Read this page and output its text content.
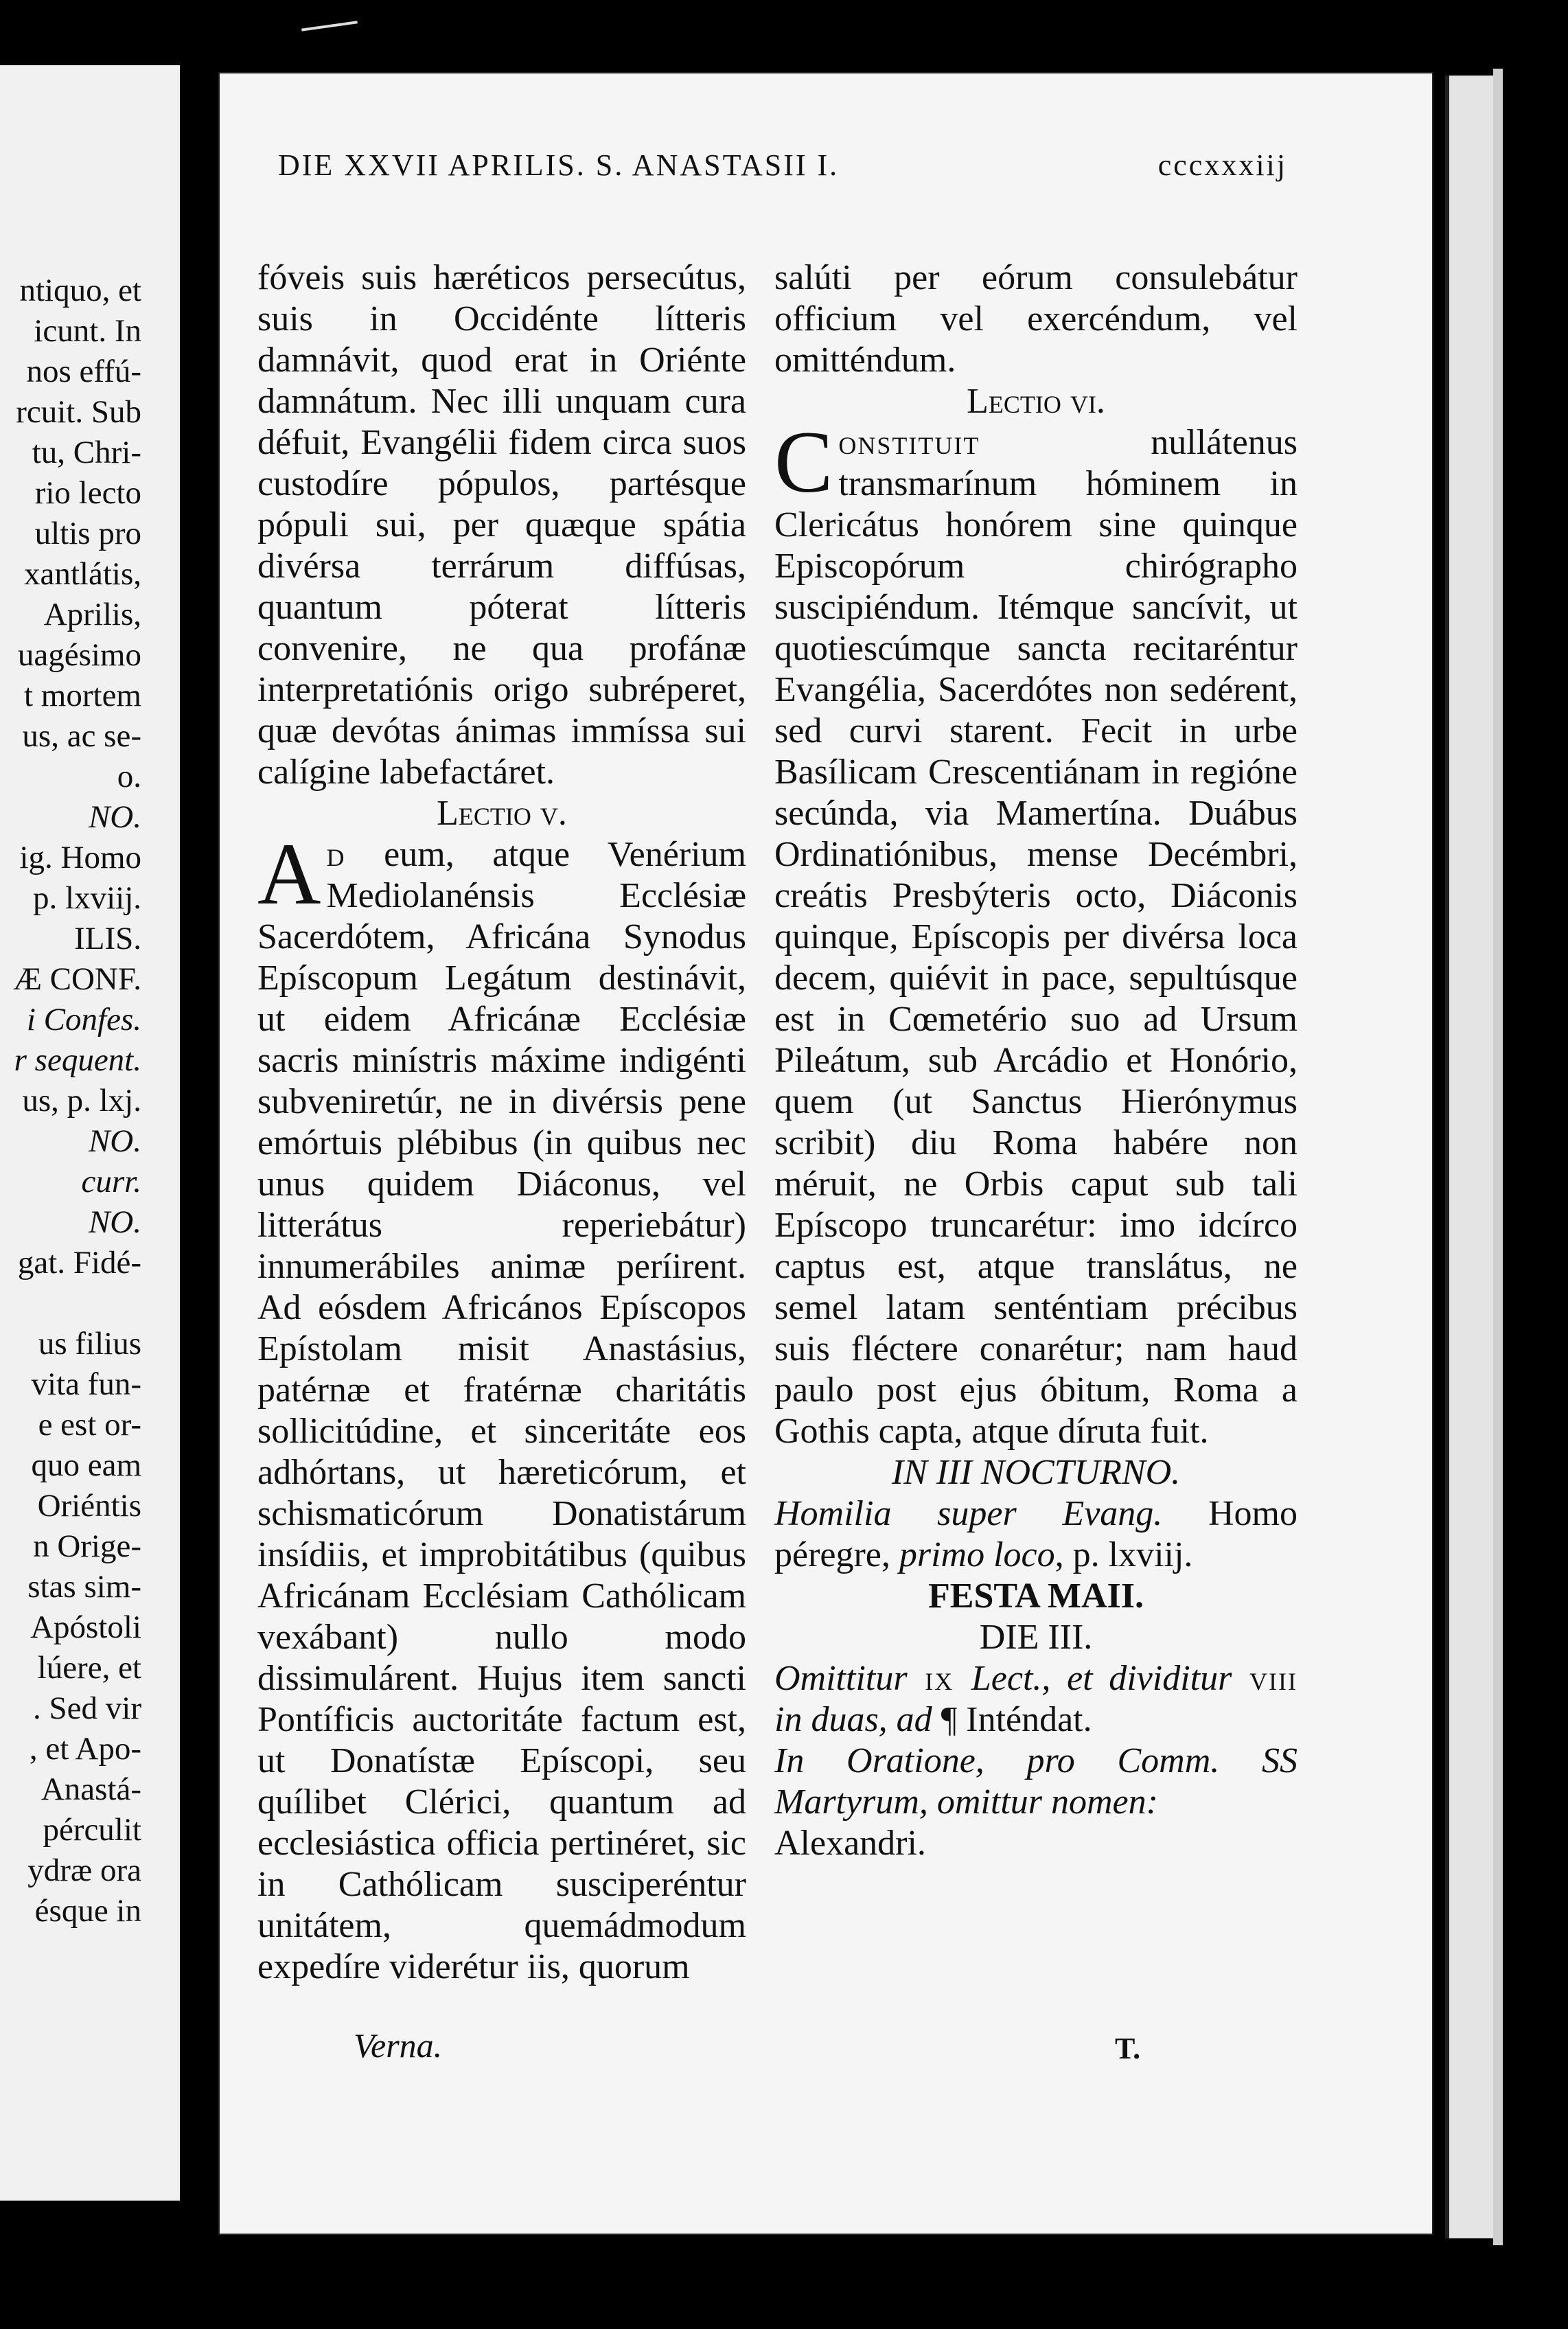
ntiquo, et
icunt. In
nos effú-
rcuit. Sub
tu, Chri-
rio lecto
ultis pro
xantlátis,
Aprilis,
uagésimo
t mortem
us, ac se-
o.
NO.
ig. Homo
p. lxviij.
ILIS.
Æ CONF.
i Confes.
r sequent.
us, p. lxj.
NO.
curr.
NO.
gat. Fidé-
us filius
vita fun-
e est or-
quo eam
Oriéntis
n Orige-
stas sim-
Apóstoli
lúere, et
. Sed vir
, et Apo-
Anastá-
pérculit
ydræ ora
ésque in
DIE XXVII APRILIS. S. ANASTASII I.	cccxxxiij

fóveis suis hæréticos persecútus, suis in Occidénte lítteris damnávit, quod erat in Oriénte damnátum. Nec illi unquam cura défuit, Evangélii fidem circa suos custodíre pópulos, partésque pópuli sui, per quæque spátia divérsa terrárum diffúsas, quantum póterat lítteris convenire, ne qua profánæ interpretatiónis origo subréperet, quæ devótas ánimas immíssa sui calígine labefactáret.

Lectio v.

Ad eum, atque Venérium Mediolanénsis Ecclésiæ Sacerdótem, Africána Synodus Epíscopum Legátum destinávit, ut eidem Africánæ Ecclésiæ sacris minístris máxime indigénti subveniretúr, ne in divérsis pene emórtuis plébibus (in quibus nec unus quidem Diáconus, vel litterátus reperiebátur) innumerábiles animæ períirent. Ad eósdem Africános Epíscopos Epístolam misit Anastásius, patérnæ et fratérnæ charitátis sollicitúdine, et sinceritáte eos adhórtans, ut hæreticórum, et schismaticórum Donatistárum insídiis, et improbitátibus (quibus Africánam Ecclésiam Cathólicam vexábant) nullo modo dissimulárent. Hujus item sancti Pontíficis auctoritáte factum est, ut Donatístæ Epíscopi, seu quílibet Clérici, quantum ad ecclesiástica officia pertinéret, sic in Cathólicam susciperéntur unitátem, quemádmodum expedíre viderétur iis, quorum

salúti per eórum consulebátur officium vel exercéndum, vel omitténdum.

Lectio vi.

Constituit nullátenus transmarínum hóminem in Clericátus honórem sine quinque Episcopórum chirógrapho suscipiéndum. Itémque sancívit, ut quotiescúmque sancta recitaréntur Evangélia, Sacerdótes non sedérent, sed curvi starent. Fecit in urbe Basílicam Crescentiánam in regióne secúnda, via Mamertína. Duábus Ordinatiónibus, mense Decémbri, creátis Presbýteris octo, Diáconis quinque, Epíscopis per divérsa loca decem, quiévit in pace, sepultúsque est in Cœmetério suo ad Ursum Pileátum, sub Arcádio et Honório, quem (ut Sanctus Hierónymus scribit) diu Roma habére non méruit, ne Orbis caput sub tali Epíscopo truncarétur: imo idcírco captus est, atque translátus, ne semel latam senténtiam précibus suis fléctere conarétur; nam haud paulo post ejus óbitum, Roma a Gothis capta, atque díruta fuit.

IN III NOCTURNO.

Homilia super Evang. Homo péregre, primo loco, p. lxviij.

FESTA MAII.

DIE III.

Omittitur ix Lect., et dividitur viii in duas, ad ¶ Inténdat.

In Oratione, pro Comm. SS Martyrum, omittur nomen:

Alexandri.

Verna.	T.
